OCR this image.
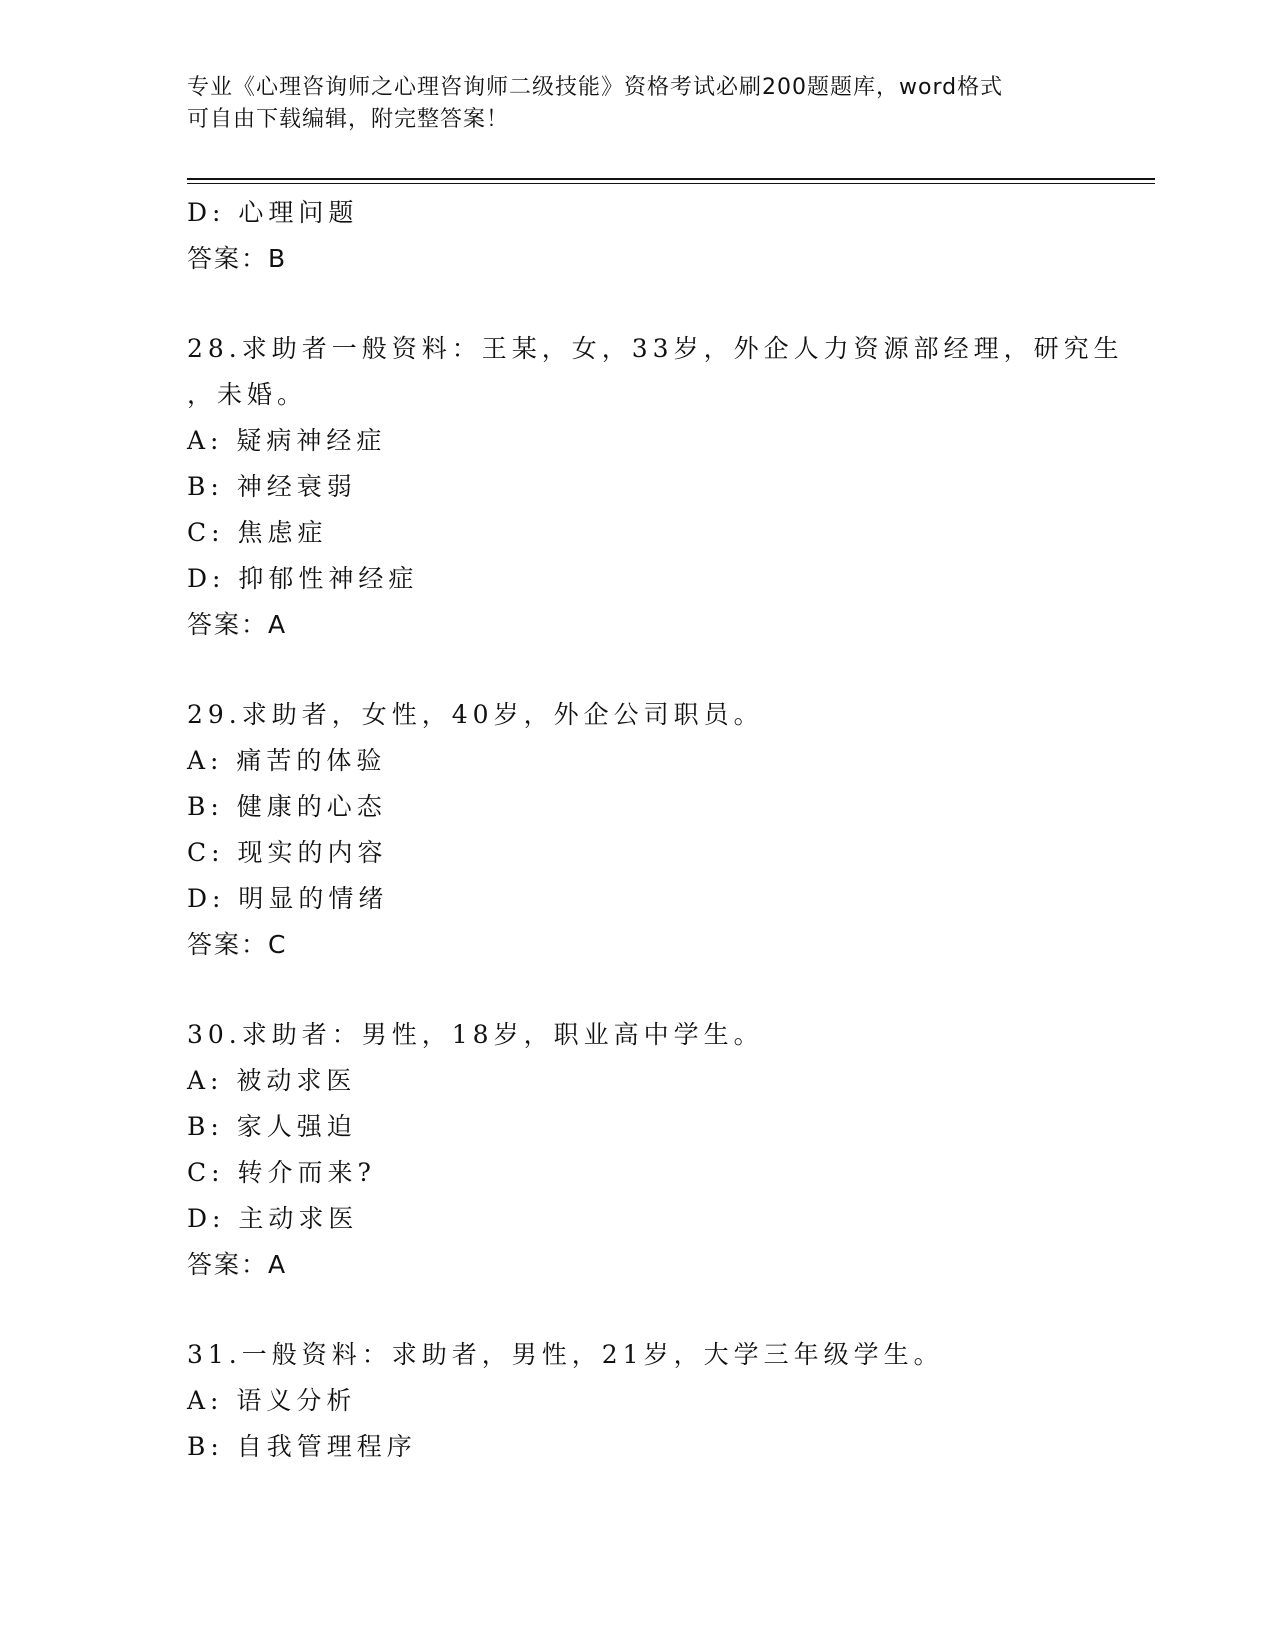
专业《心理咨询师之心理咨询师二级技能》资格考试必刷200题题库，word格式
可自由下载编辑，附完整答案！
D: 心理问题
答案：B
28.求助者一般资料：王某，女，33岁，外企人力资源部经理，研究生
，未婚。
A: 疑病神经症
B: 神经衰弱
C: 焦虑症
D: 抑郁性神经症
答案：A
29.求助者，女性，40岁，外企公司职员。
A: 痛苦的体验
B: 健康的心态
C: 现实的内容
D: 明显的情绪
答案：C
30.求助者：男性，18岁，职业高中学生。
A: 被动求医
B: 家人强迫
C: 转介而来?
D: 主动求医
答案：A
31.一般资料：求助者，男性，21岁，大学三年级学生。
A: 语义分析
B: 自我管理程序
